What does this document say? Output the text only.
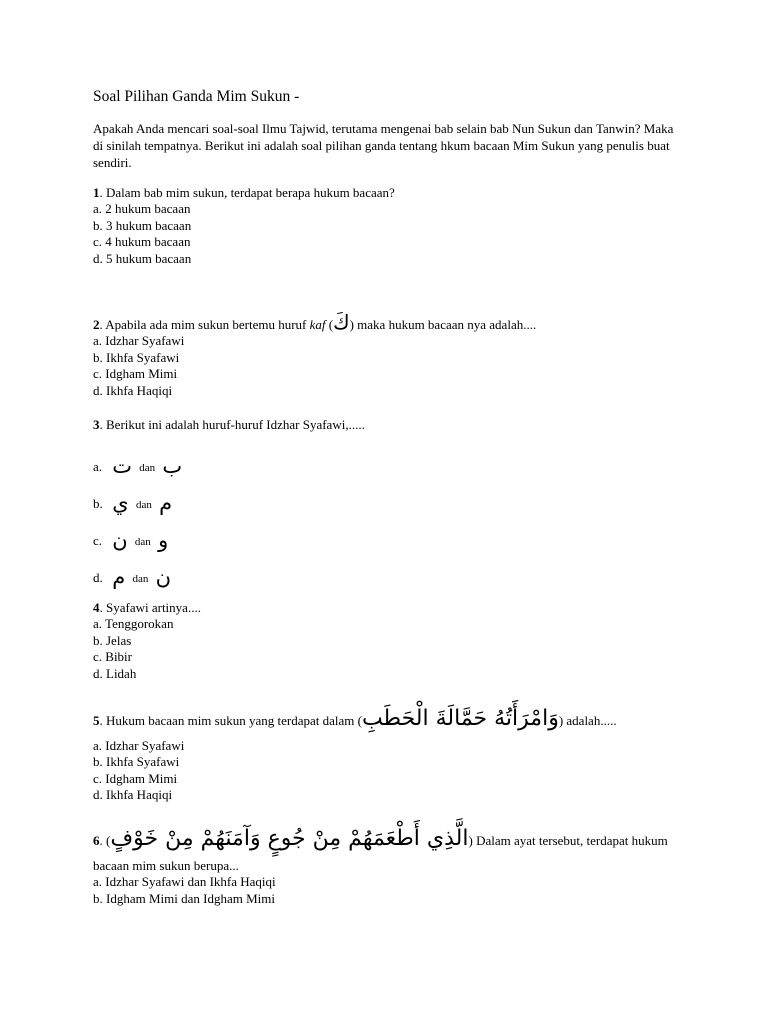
Soal Pilihan Ganda Mim Sukun -
Apakah Anda mencari soal-soal Ilmu Tajwid, terutama mengenai bab selain bab Nun Sukun dan Tanwin? Maka di sinilah tempatnya. Berikut ini adalah soal pilihan ganda tentang hkum bacaan Mim Sukun yang penulis buat sendiri.

1. Dalam bab mim sukun, terdapat berapa hukum bacaan?

a. 2 hukum bacaan
b. 3 hukum bacaan
c. 4 hukum bacaan
d. 5 hukum bacaan

2. Apabila ada mim sukun bertemu huruf kaf (كَ) maka hukum bacaan nya adalah....

a. Idzhar Syafawi
b. Ikhfa Syafawi
c. Idgham Mimi
d. Ikhfa Haqiqi

3. Berikut ini adalah huruf-huruf Idzhar Syafawi,.....

a. ت dan ب
b. ي dan م
c. ن dan و
d. م dan ن

4. Syafawi artinya....

a. Tenggorokan
b. Jelas
c. Bibir
d. Lidah

5. Hukum bacaan mim sukun yang terdapat dalam (وَامْرَأَتُهُ حَمَّالَةَ الْحَطَبِ) adalah.....

a. Idzhar Syafawi
b. Ikhfa Syafawi
c. Idgham Mimi
d. Ikhfa Haqiqi

6. (الَّذِي أَطْعَمَهُمْ مِنْ جُوعٍ وَآمَنَهُمْ مِنْ خَوْفٍ) Dalam ayat tersebut, terdapat hukum

bacaan mim sukun berupa...

a. Idzhar Syafawi dan Ikhfa Haqiqi
b. Idgham Mimi dan Idgham Mimi
